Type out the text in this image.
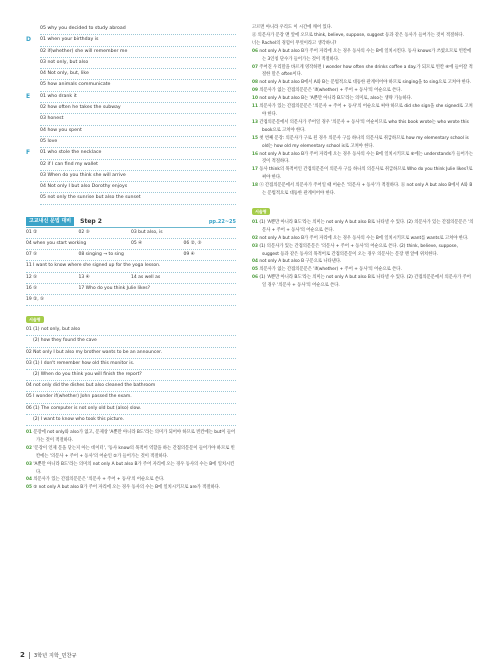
05 why you decided to study abroad
D	01 when your birthday is
02 if(whether) she will remember me
03 not only, but also
04 Not only, but, like
05 how animals communicate
E	01 who drank it
02 how often he takes the subway
03 honest
04 how you spent
05 love
F	01 who stole the necklace
02 if I can find my wallet
03 When do you think she will arrive
04 Not only I but also Dorothy enjoys
05 not only the sunrise but also the sunset
고교내신 문법 대비	Step 2	pp.22~25
01 ②	02 ⑤	03 but also, is
04 when you start working	05 ④	06 ②, ⑤
07 ⑤	08 singing → to sing	09 ④
11 I want to know where she signed up for the yoga lesson.
12 ⑤	13 ④	14 as well as
16 ⑤	17 Who do you think Julie likes?
19 ②, ⑤
서술형
01 (1) not only, but also
(2) how they found the cave
02 Not only I but also my brother wants to be an announcer.
03 (1) I don't remember how old this monitor is.
(2) When do you think you will finish the report?
04 not only did the dishes but also cleaned the bathroom
05 I wonder if(whether) John passed the exam.
06 (1) The computer is not only old but (also) slow.
(2) I want to know who took this picture.

01 문장에 not only와 also가 없고, 문제상 'A뿐만 아니라 B도'라는 의미가 되어야 하므로 빈칸에는 but이 들어가는 것이 적절하다.

02 '문장이 언제 문을 닫는지 아는 데이터', '동사 know의 목적어 역할을 하는 간접의문문이 들어가야 하므로 빈칸에는 '의문사 + 주어 + 동사'의 어순인 ②가 들어가는 것이 적절하다.

03 'A뿐만 아니라 B도'라는 의미의 not only A but also B가 주어 자리에 오는 경우 동사의 수는 B에 일치시킨다.

04 의문사가 있는 간접의문문은 '의문사 + 주어 + 동사'의 어순으로 쓴다.

05 ⑤ not only A but also B가 주어 자리에 오는 경우 동사의 수는 B에 일치시키므로 are가 적절하다.

고르면 아니라 우리도 이 시간에 깨어 있다.

ⓓ 의문사가 문장 맨 앞에 오므로 think, believe, suppose, suggest 등과 같은 동사가 들어가는 것이 적절하다.

너는 Rachel의 경험이 무엇이라고 생각하니?

06 not only A but also B가 주어 자리에 오는 경우 동사의 수는 B에 일치시킨다. 동사 knows가 쓰였으므로 빈칸에는 3인칭 단수가 들어가는 것이 적절하다.

07 주어진 우리말을 바르게 영작하면 I wonder how often she drinks coffee a day.가 되므로 빈칸 ④에 들어갈 적절한 말은 often이다.

08 not only A but also B에서 A와 B는 문법적으로 대등한 관계이어야 하므로 singing을 to sing으로 고쳐야 한다.

09 의문사가 없는 간접의문문은 'if(whether) + 주어 + 동사'의 어순으로 쓴다.

10 not only A but also B는 'A뿐만 아니라 B도'라는 의미로, also는 생략 가능하다.

11 의문사가 있는 간접의문문은 '의문사 + 주어 + 동사'의 어순으로 써야 하므로 did she sign을 she signed로 고쳐야 한다.

13 간접의문문에서 의문사가 주어일 경우 '의문사 + 동사'의 어순이므로 who this book wrote는 who wrote this book으로 고쳐야 한다.

15 첫 번째 문장: 의문사가 구로 된 경우 의문사 구를 하나의 의문사로 취급하므로 how my elementary school is old는 how old my elementary school is로 고쳐야 한다.

16 not only A but also B가 주어 자리에 오는 경우 동사의 수는 B에 일치시키므로 ⑥에는 understands가 들어가는 것이 적절하다.

17 동사 think의 목적어인 간접의문문이 의문사 구를 하나의 의문사로 취급하므로 Who do you think Julie likes?로 써야 한다.

18 ⓐ 간접의문문에서 의문사가 주어일 때 어순은 '의문사 + 동사'가 적절하다. ⓑ not only A but also B에서 A와 B는 문법적으로 대등한 관계이어야 한다.

서술형

01 (1) 'A뿐만 아니라 B도'라는 의미는 not only A but also B로 나타낼 수 있다. (2) 의문사가 있는 간접의문문은 '의문사 + 주어 + 동사'의 어순으로 쓴다.

02 not only A but also B가 주어 자리에 오는 경우 동사의 수는 B에 일치시키므로 want를 wants로 고쳐야 한다.

03 (1) 의문사가 있는 간접의문문은 '의문사 + 주어 + 동사'의 어순으로 쓴다. (2) think, believe, suppose, suggest 등과 같은 동사의 목적어로 간접의문문이 오는 경우 의문사는 문장 맨 앞에 위치한다.

04 not only A but also B 구문으로 나타낸다.

05 의문사가 없는 간접의문문은 'if(whether) + 주어 + 동사'의 어순으로 쓴다.

06 (1) 'A뿐만 아니라 B도'라는 의미는 not only A but also B로 나타낼 수 있다. (2) 간접의문문에서 의문사가 주어일 경우 '의문사 + 동사'의 어순으로 쓴다.

2 3학년 지학_민찬규
